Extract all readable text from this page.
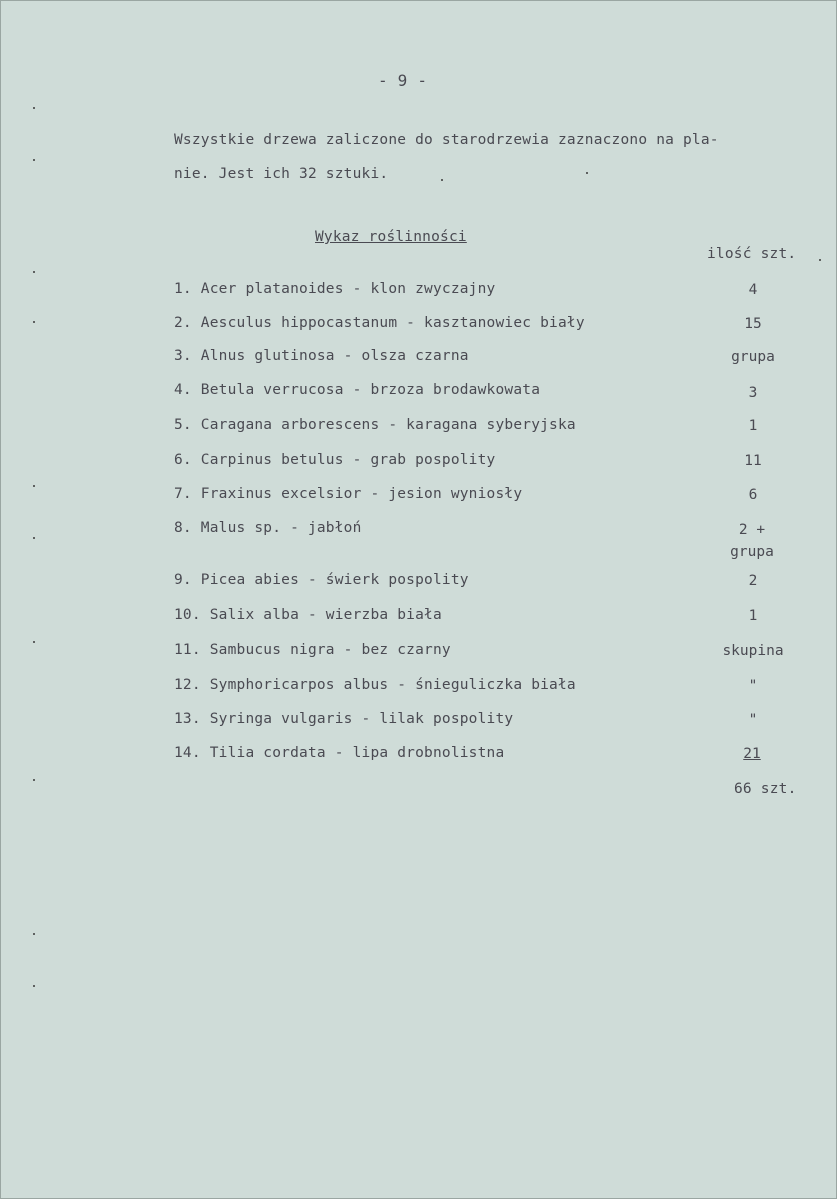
- 9 -
Wszystkie drzewa zaliczone do starodrzewia zaznaczono na pla-
nie. Jest ich 32 sztuki.
Wykaz roślinności
ilość szt.
1. Acer platanoides - klon zwyczajny	4
2. Aesculus hippocastanum - kasztanowiec biały	15
3. Alnus glutinosa - olsza czarna	grupa
4. Betula verrucosa - brzoza brodawkowata	3
5. Caragana arborescens - karagana syberyjska	1
6. Carpinus betulus - grab pospolity	11
7. Fraxinus excelsior - jesion wyniosły	6
8. Malus sp. - jabłoń	2 + grupa
9. Picea abies - świerk pospolity	2
10. Salix alba - wierzba biała	1
11. Sambucus nigra - bez czarny	skupina
12. Symphoricarpos albus - śnieguliczka biała	"
13. Syringa vulgaris - lilak pospolity	"
14. Tilia cordata - lipa drobnolistna	21
66 szt.
